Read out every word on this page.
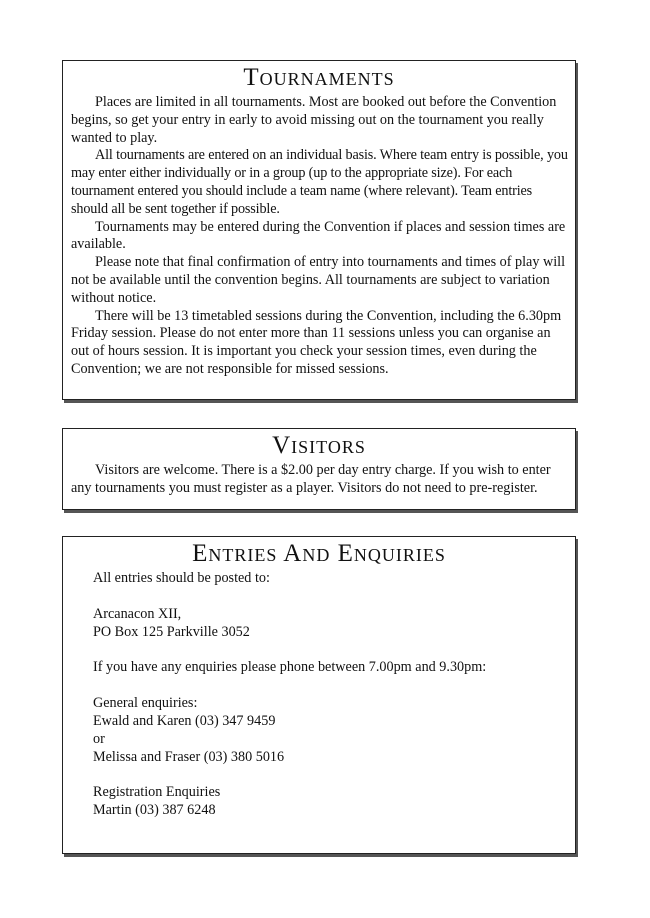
Tournaments

Places are limited in all tournaments. Most are booked out before the Convention begins, so get your entry in early to avoid missing out on the tournament you really wanted to play.

All tournaments are entered on an individual basis. Where team entry is possible, you may enter either individually or in a group (up to the appropriate size). For each tournament entered you should include a team name (where relevant). Team entries should all be sent together if possible.

Tournaments may be entered during the Convention if places and session times are available.

Please note that final confirmation of entry into tournaments and times of play will not be available until the convention begins. All tournaments are subject to variation without notice.

There will be 13 timetabled sessions during the Convention, including the 6.30pm Friday session. Please do not enter more than 11 sessions unless you can organise an out of hours session. It is important you check your session times, even during the Convention; we are not responsible for missed sessions.

Visitors

Visitors are welcome. There is a $2.00 per day entry charge. If you wish to enter any tournaments you must register as a player. Visitors do not need to pre-register.

Entries And Enquiries

All entries should be posted to:

Arcanacon XII,

PO Box 125 Parkville 3052

If you have any enquiries please phone between 7.00pm and 9.30pm:

General enquiries:

Ewald and Karen (03) 347 9459

or

Melissa and Fraser (03) 380 5016

Registration Enquiries

Martin (03) 387 6248
